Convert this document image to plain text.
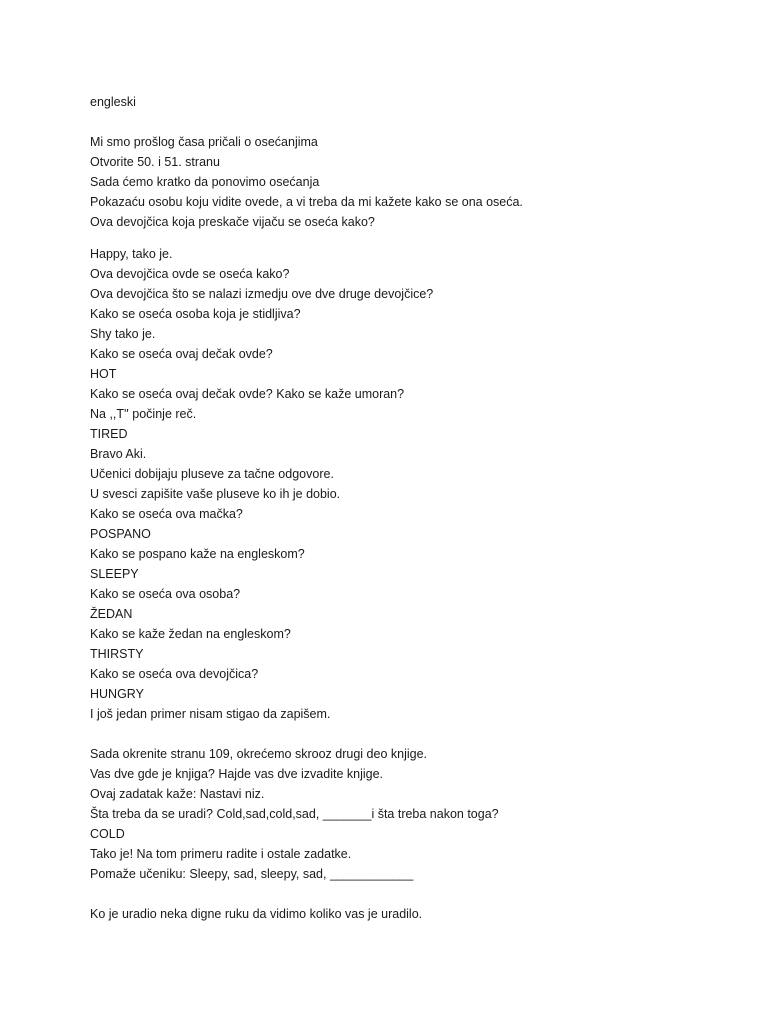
engleski
Mi smo prošlog časa pričali o osećanjima
Otvorite 50. i 51. stranu
Sada ćemo kratko da ponovimo osećanja
Pokazaću osobu koju vidite ovede, a vi treba da mi kažete kako se ona oseća.
Ova devojčica koja preskače vijaču se oseća kako?
Happy, tako je.
Ova devojčica ovde se oseća kako?
Ova devojčica što se nalazi izmedju ove dve druge devojčice?
Kako se oseća osoba koja je stidljiva?
Shy tako je.
Kako se oseća ovaj dečak ovde?
HOT
Kako se oseća ovaj dečak ovde? Kako se kaže umoran?
Na ,,T'' počinje reč.
TIRED
Bravo Aki.
Učenici dobijaju pluseve za tačne odgovore.
U svesci zapišite vaše pluseve ko ih je dobio.
Kako se oseća ova mačka?
POSPANO
Kako se pospano kaže na engleskom?
SLEEPY
Kako se oseća ova osoba?
ŽEDAN
Kako se kaže žedan na engleskom?
THIRSTY
Kako se oseća ova devojčica?
HUNGRY
I još jedan primer nisam stigao da zapišem.
Sada okrenite stranu 109, okrećemo skrooz drugi deo knjige.
Vas dve gde je knjiga? Hajde vas dve izvadite knjige.
Ovaj zadatak kaže: Nastavi niz.
Šta treba da se uradi? Cold,sad,cold,sad, _______i šta treba nakon toga?
COLD
Tako je! Na tom primeru radite i ostale zadatke.
Pomaže učeniku: Sleepy, sad, sleepy, sad, ____________
Ko je uradio neka digne ruku da vidimo koliko vas je uradilo.
